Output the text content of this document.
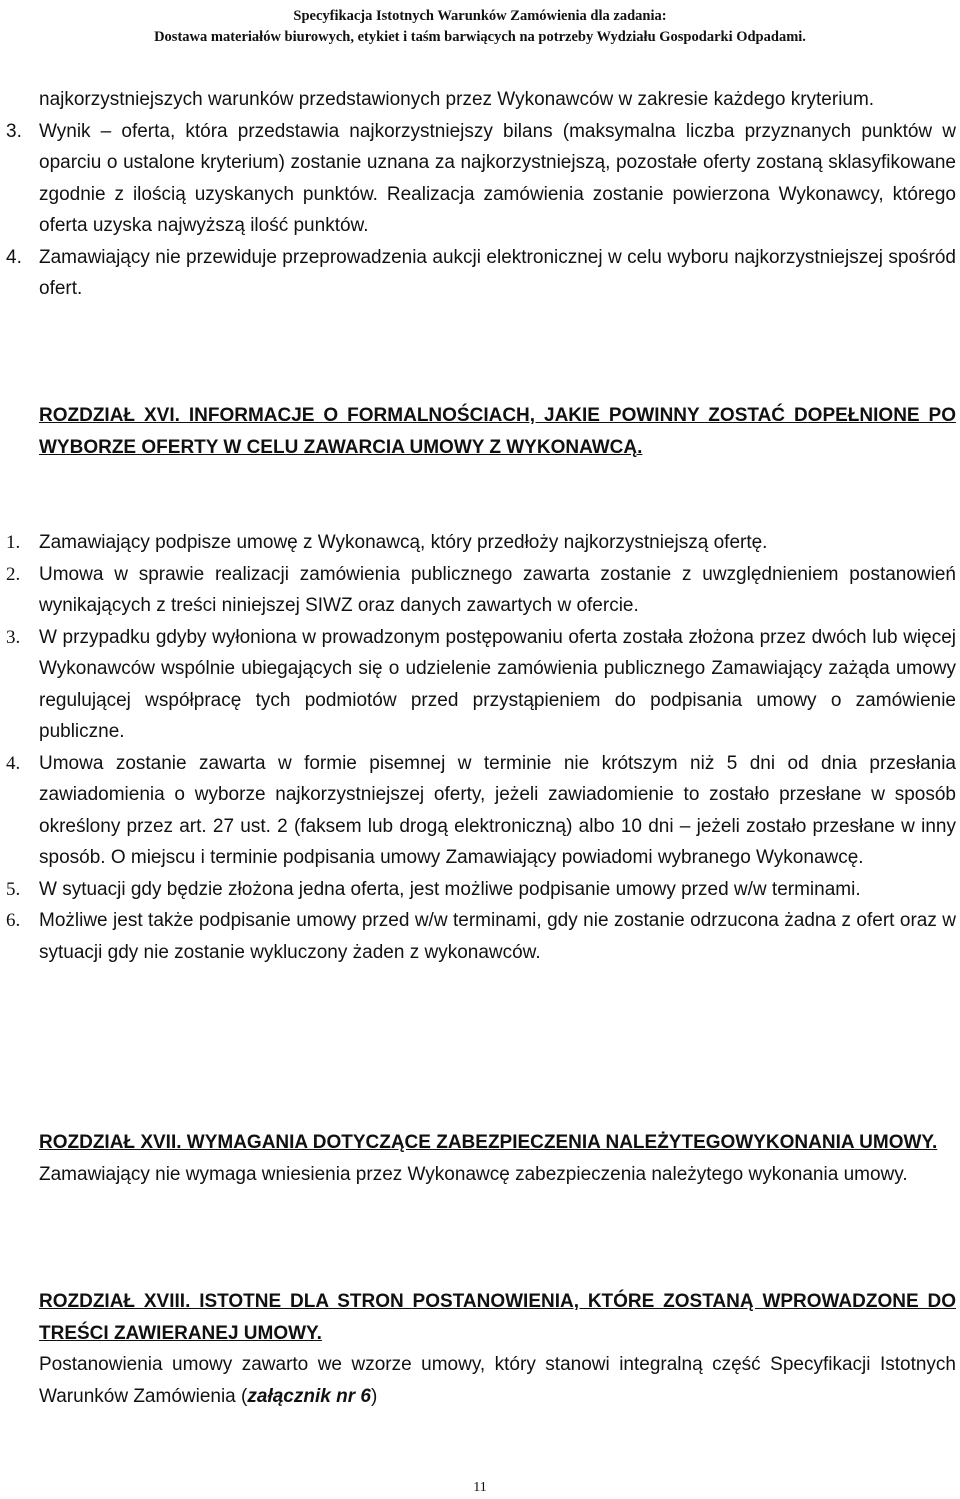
Specyfikacja Istotnych Warunków Zamówienia dla zadania:
Dostawa materiałów biurowych, etykiet i taśm barwiących na potrzeby Wydziału Gospodarki Odpadami.
najkorzystniejszych warunków przedstawionych przez Wykonawców w zakresie każdego kryterium.
3. Wynik – oferta, która przedstawia najkorzystniejszy bilans (maksymalna liczba przyznanych punktów w oparciu o ustalone kryterium) zostanie uznana za najkorzystniejszą, pozostałe oferty zostaną sklasyfikowane zgodnie z ilością uzyskanych punktów. Realizacja zamówienia zostanie powierzona Wykonawcy, którego oferta uzyska najwyższą ilość punktów.
4. Zamawiający nie przewiduje przeprowadzenia aukcji elektronicznej w celu wyboru najkorzystniejszej spośród ofert.
ROZDZIAŁ XVI. INFORMACJE O FORMALNOŚCIACH, JAKIE POWINNY ZOSTAĆ DOPEŁNIONE PO WYBORZE OFERTY W CELU ZAWARCIA UMOWY Z WYKONAWCĄ.
1. Zamawiający podpisze umowę z Wykonawcą, który przedłoży najkorzystniejszą ofertę.
2. Umowa w sprawie realizacji zamówienia publicznego zawarta zostanie z uwzględnieniem postanowień wynikających z treści niniejszej SIWZ oraz danych zawartych w ofercie.
3. W przypadku gdyby wyłoniona w prowadzonym postępowaniu oferta została złożona przez dwóch lub więcej Wykonawców wspólnie ubiegających się o udzielenie zamówienia publicznego Zamawiający zażąda umowy regulującej współpracę tych podmiotów przed przystąpieniem do podpisania umowy o zamówienie publiczne.
4. Umowa zostanie zawarta w formie pisemnej w terminie nie krótszym niż 5 dni od dnia przesłania zawiadomienia o wyborze najkorzystniejszej oferty, jeżeli zawiadomienie to zostało przesłane w sposób określony przez art. 27 ust. 2 (faksem lub drogą elektroniczną) albo 10 dni – jeżeli zostało przesłane w inny sposób. O miejscu i terminie podpisania umowy Zamawiający powiadomi wybranego Wykonawcę.
5. W sytuacji gdy będzie złożona jedna oferta, jest możliwe podpisanie umowy przed w/w terminami.
6. Możliwe jest także podpisanie umowy przed w/w terminami, gdy nie zostanie odrzucona żadna z ofert oraz w sytuacji gdy nie zostanie wykluczony żaden z wykonawców.
ROZDZIAŁ XVII. WYMAGANIA DOTYCZĄCE ZABEZPIECZENIA NALEŻYTEGOWYKONANIA UMOWY.
Zamawiający nie wymaga wniesienia przez Wykonawcę zabezpieczenia należytego wykonania umowy.
ROZDZIAŁ XVIII. ISTOTNE DLA STRON POSTANOWIENIA, KTÓRE ZOSTANĄ WPROWADZONE DO TREŚCI ZAWIERANEJ UMOWY.
Postanowienia umowy zawarto we wzorze umowy, który stanowi integralną część Specyfikacji Istotnych Warunków Zamówienia (załącznik nr 6)
11
